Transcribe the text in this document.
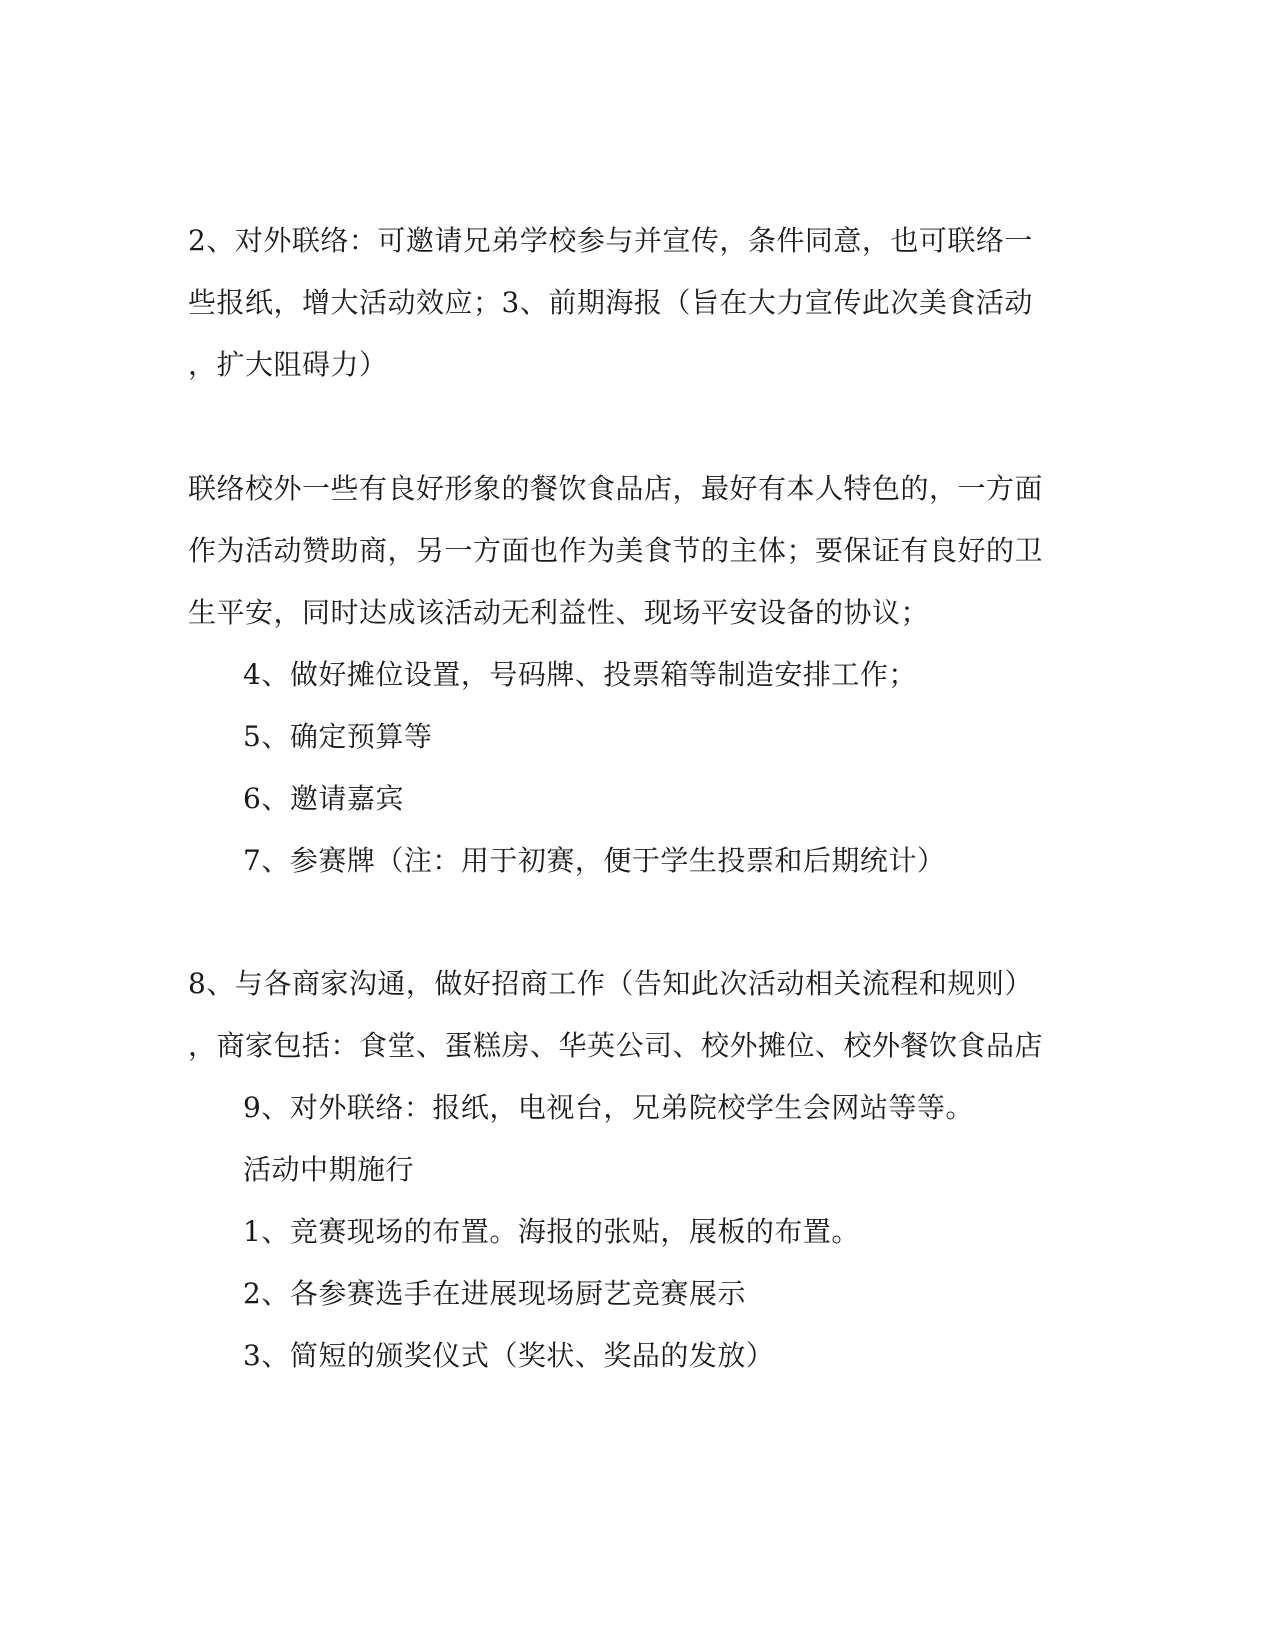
2、对外联络：可邀请兄弟学校参与并宣传，条件同意，也可联络一
些报纸，增大活动效应；3、前期海报（旨在大力宣传此次美食活动
，扩大阻碍力）
联络校外一些有良好形象的餐饮食品店，最好有本人特色的，一方面
作为活动赞助商，另一方面也作为美食节的主体；要保证有良好的卫
生平安，同时达成该活动无利益性、现场平安设备的协议；
4、做好摊位设置，号码牌、投票箱等制造安排工作；
5、确定预算等
6、邀请嘉宾
7、参赛牌（注：用于初赛，便于学生投票和后期统计）
8、与各商家沟通，做好招商工作（告知此次活动相关流程和规则）
，商家包括：食堂、蛋糕房、华英公司、校外摊位、校外餐饮食品店
9、对外联络：报纸，电视台，兄弟院校学生会网站等等。
活动中期施行
1、竞赛现场的布置。海报的张贴，展板的布置。
2、各参赛选手在进展现场厨艺竞赛展示
3、简短的颁奖仪式（奖状、奖品的发放）
